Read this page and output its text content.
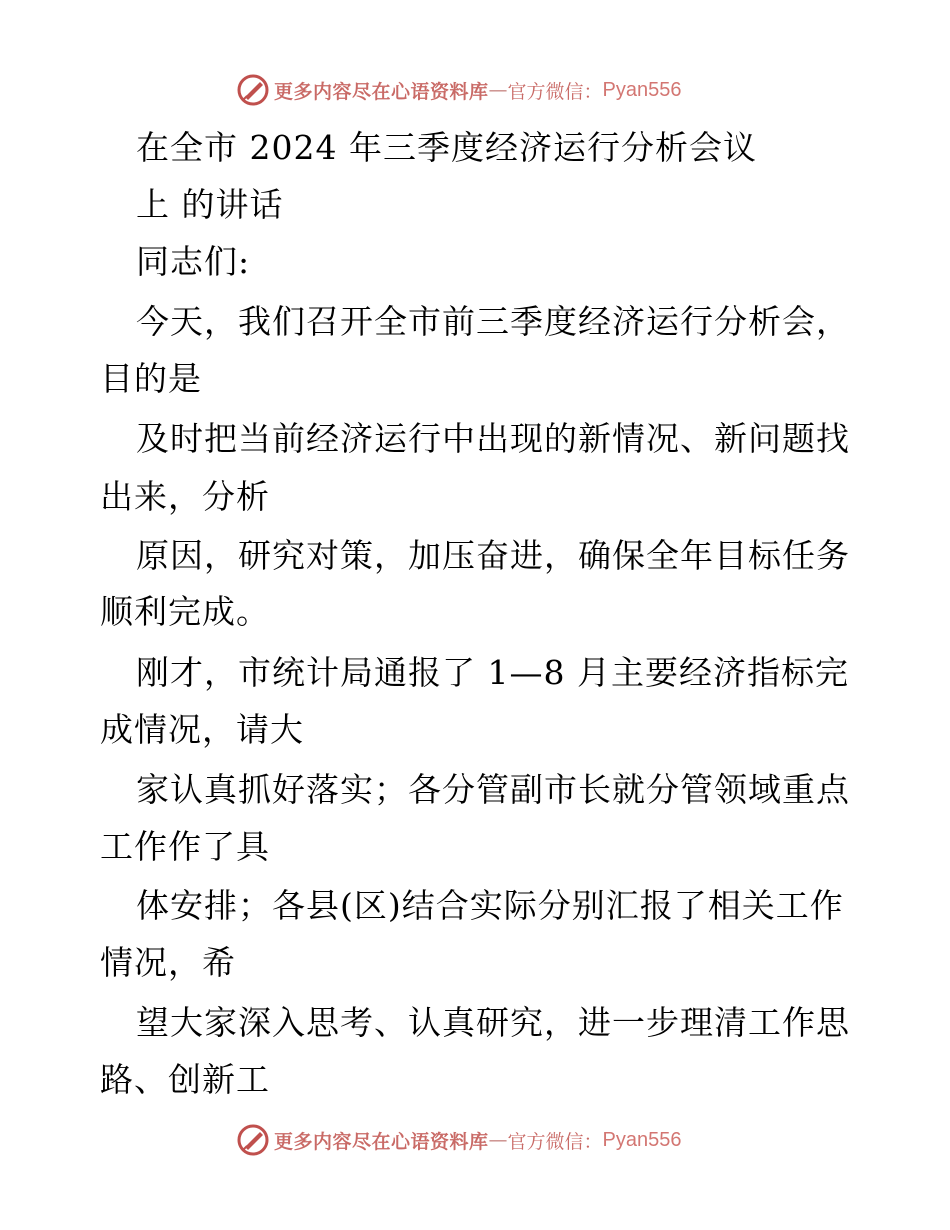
更多内容尽在心语资料库 — 官方微信： Pyan556
在全市 2024 年三季度经济运行分析会议
上 的讲话
同志们:
今天，我们召开全市前三季度经济运行分析会，
目的是
及时把当前经济运行中出现的新情况、新问题找
出来，分析
原因，研究对策，加压奋进，确保全年目标任务
顺利完成。
刚才，市统计局通报了 1—8 月主要经济指标完
成情况，请大
家认真抓好落实；各分管副市长就分管领域重点
工作作了具
体安排；各县(区)结合实际分别汇报了相关工作
情况，希
望大家深入思考、认真研究，进一步理清工作思
路、创新工
更多内容尽在心语资料库 — 官方微信： Pyan556
